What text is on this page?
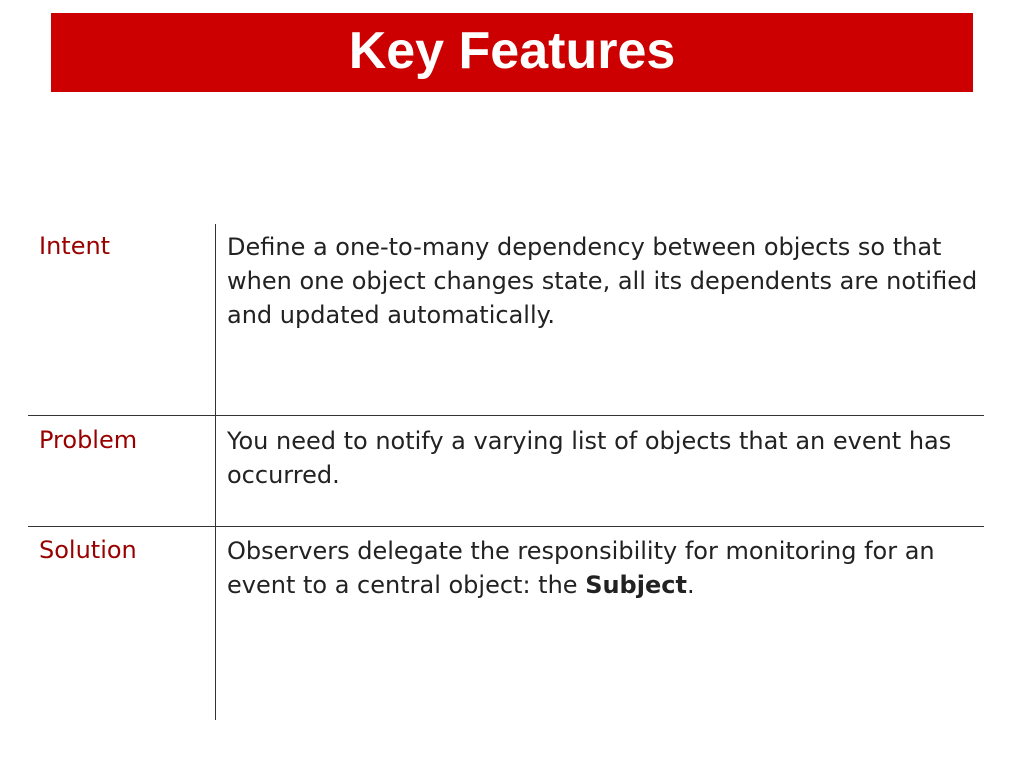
Key Features
Intent	Define a one-to-many dependency between objects so that when one object changes state, all its dependents are notified and updated automatically.
Problem	You need to notify a varying list of objects that an event has occurred.
Solution	Observers delegate the responsibility for monitoring for an event to a central object: the Subject.
